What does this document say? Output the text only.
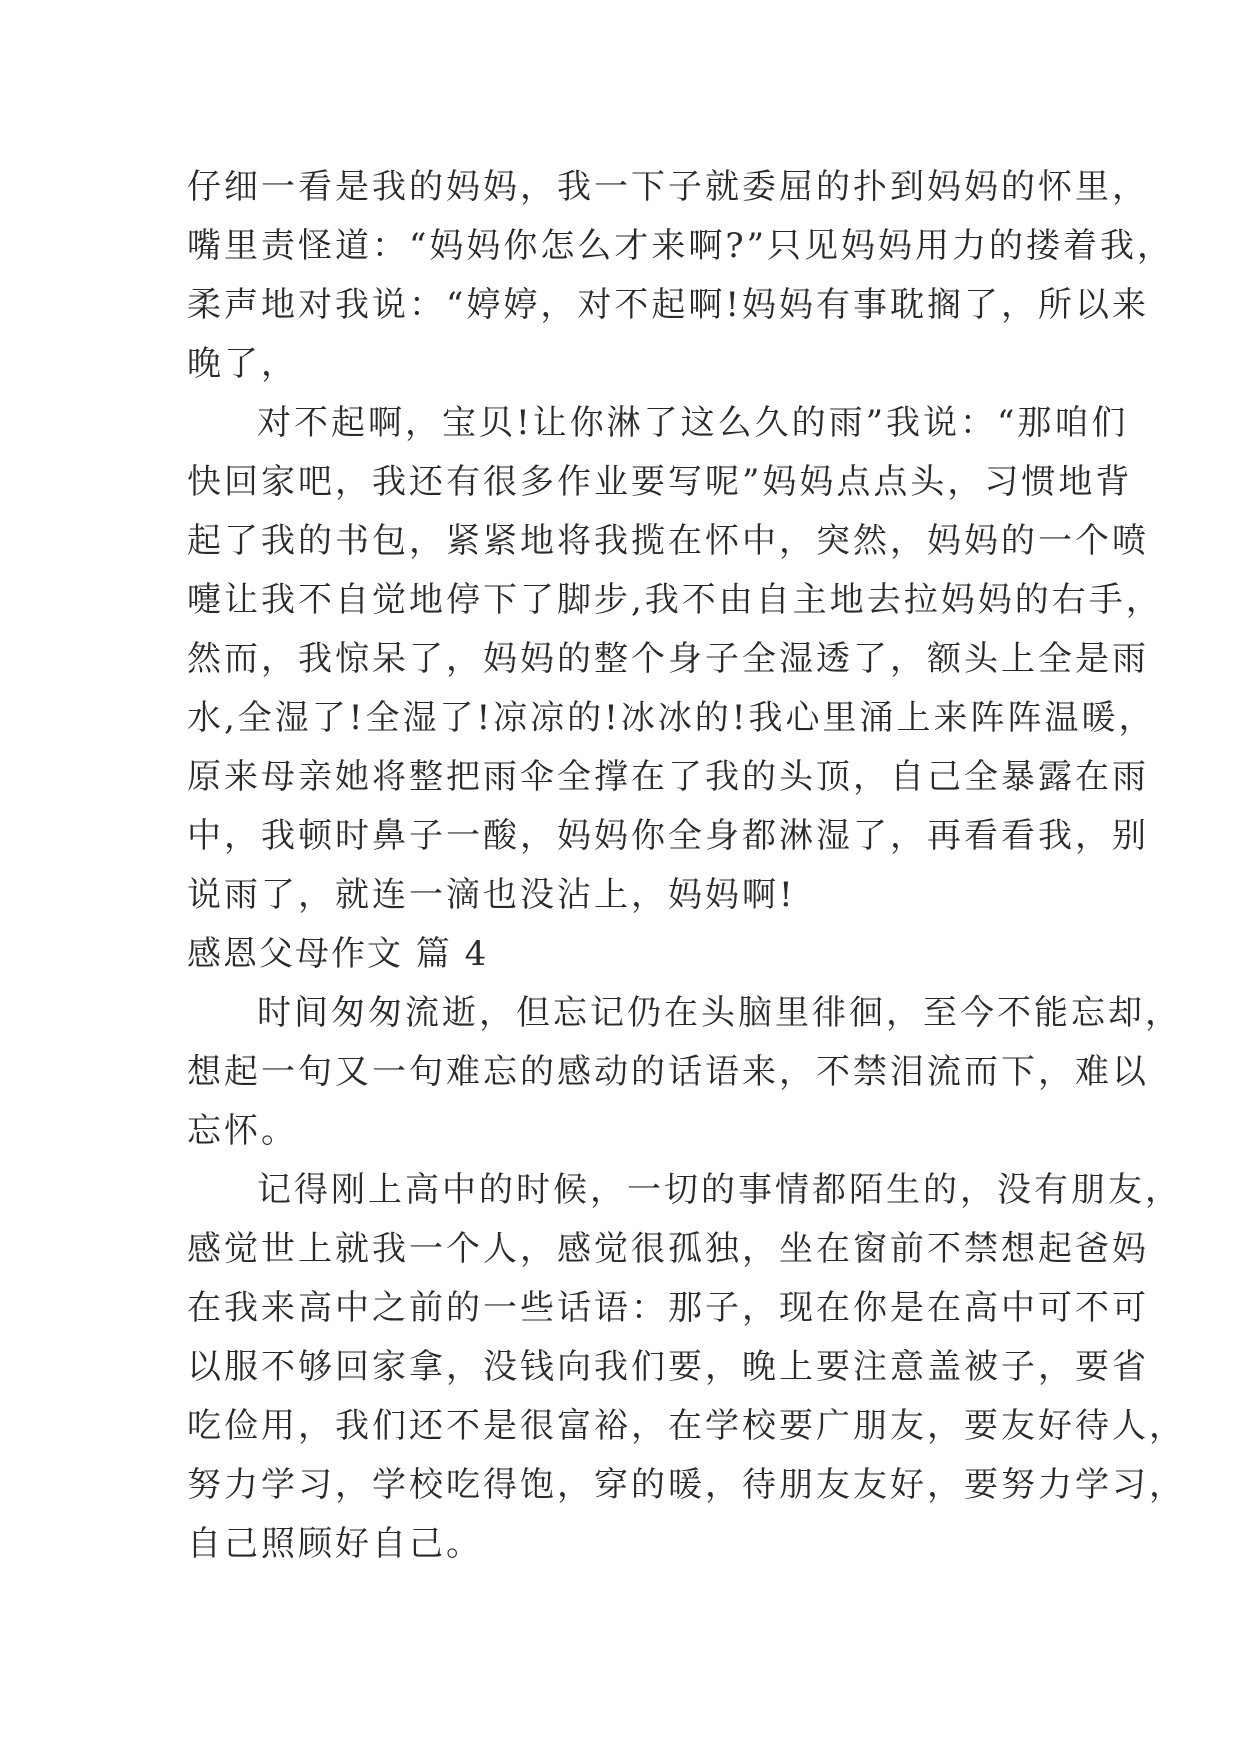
仔细一看是我的妈妈，我一下子就委屈的扑到妈妈的怀里，

嘴里责怪道：“妈妈你怎么才来啊?”只见妈妈用力的搂着我，

柔声地对我说：“婷婷，对不起啊!妈妈有事耽搁了，所以来

晚了，

对不起啊，宝贝!让你淋了这么久的雨”我说：“那咱们

快回家吧，我还有很多作业要写呢”妈妈点点头，习惯地背

起了我的书包，紧紧地将我揽在怀中，突然，妈妈的一个喷

嚏让我不自觉地停下了脚步,我不由自主地去拉妈妈的右手，

然而，我惊呆了，妈妈的整个身子全湿透了，额头上全是雨

水,全湿了!全湿了!凉凉的!冰冰的!我心里涌上来阵阵温暖，

原来母亲她将整把雨伞全撑在了我的头顶，自己全暴露在雨

中，我顿时鼻子一酸，妈妈你全身都淋湿了，再看看我，别

说雨了，就连一滴也没沾上，妈妈啊!

感恩父母作文 篇 4

时间匆匆流逝，但忘记仍在头脑里徘徊，至今不能忘却，

想起一句又一句难忘的感动的话语来，不禁泪流而下，难以

忘怀。

记得刚上高中的时候，一切的事情都陌生的，没有朋友，

感觉世上就我一个人，感觉很孤独，坐在窗前不禁想起爸妈

在我来高中之前的一些话语：那子，现在你是在高中可不可

以服不够回家拿，没钱向我们要，晚上要注意盖被子，要省

吃俭用，我们还不是很富裕，在学校要广朋友，要友好待人，

努力学习，学校吃得饱，穿的暖，待朋友友好，要努力学习，

自己照顾好自己。
